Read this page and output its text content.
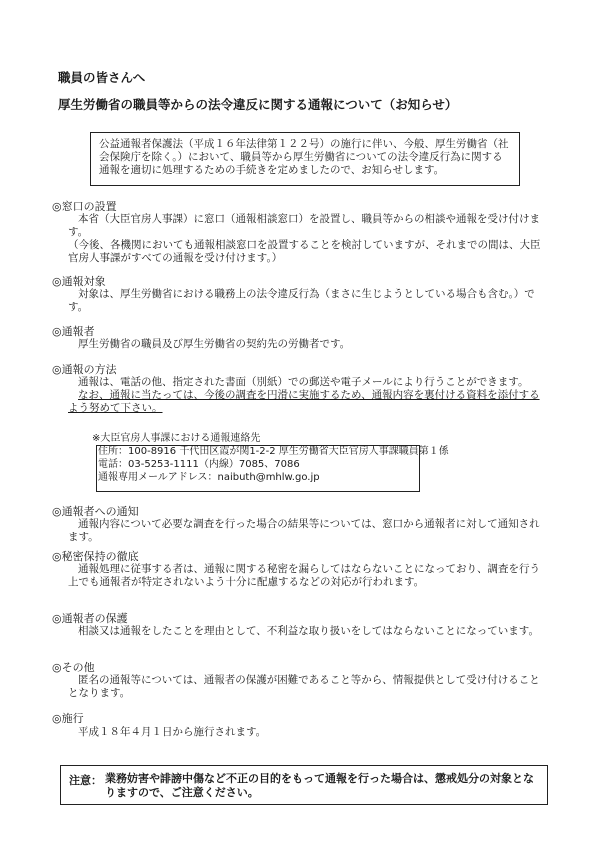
職員の皆さんへ
厚生労働省の職員等からの法令違反に関する通報について（お知らせ）

公益通報者保護法（平成１６年法律第１２２号）の施行に伴い、今般、厚生労働省（社会保険庁を除く。）において、職員等から厚生労働省についての法令違反行為に関する通報を適切に処理するための手続きを定めましたので、お知らせします。

◎窓口の設置

本省（大臣官房人事課）に窓口（通報相談窓口）を設置し、職員等からの相談や通報を受け付けます。

（今後、各機関においても通報相談窓口を設置することを検討していますが、それまでの間は、大臣官房人事課がすべての通報を受け付けます。）

◎通報対象

対象は、厚生労働省における職務上の法令違反行為（まさに生じようとしている場合も含む。）です。

◎通報者

厚生労働省の職員及び厚生労働省の契約先の労働者です。

◎通報の方法

通報は、電話の他、指定された書面（別紙）での郵送や電子メールにより行うことができます。

なお、通報に当たっては、今後の調査を円滑に実施するため、通報内容を裏付ける資料を添付するよう努めて下さい。

※大臣官房人事課における通報連絡先

住所：100-8916 千代田区霞が関1-2-2 厚生労働省大臣官房人事課職員第１係

電話：03-5253-1111（内線）7085、7086

通報専用メールアドレス：naibuth@mhlw.go.jp

◎通報者への通知

通報内容について必要な調査を行った場合の結果等については、窓口から通報者に対して通知されます。

◎秘密保持の徹底

通報処理に従事する者は、通報に関する秘密を漏らしてはならないことになっており、調査を行う上でも通報者が特定されないよう十分に配慮するなどの対応が行われます。

◎通報者の保護

相談又は通報をしたことを理由として、不利益な取り扱いをしてはならないことになっています。

◎その他

匿名の通報等については、通報者の保護が困難であること等から、情報提供として受け付けることとなります。

◎施行

平成１８年４月１日から施行されます。

注意： 業務妨害や誹謗中傷など不正の目的をもって通報を行った場合は、懲戒処分の対象となりますので、ご注意ください。
